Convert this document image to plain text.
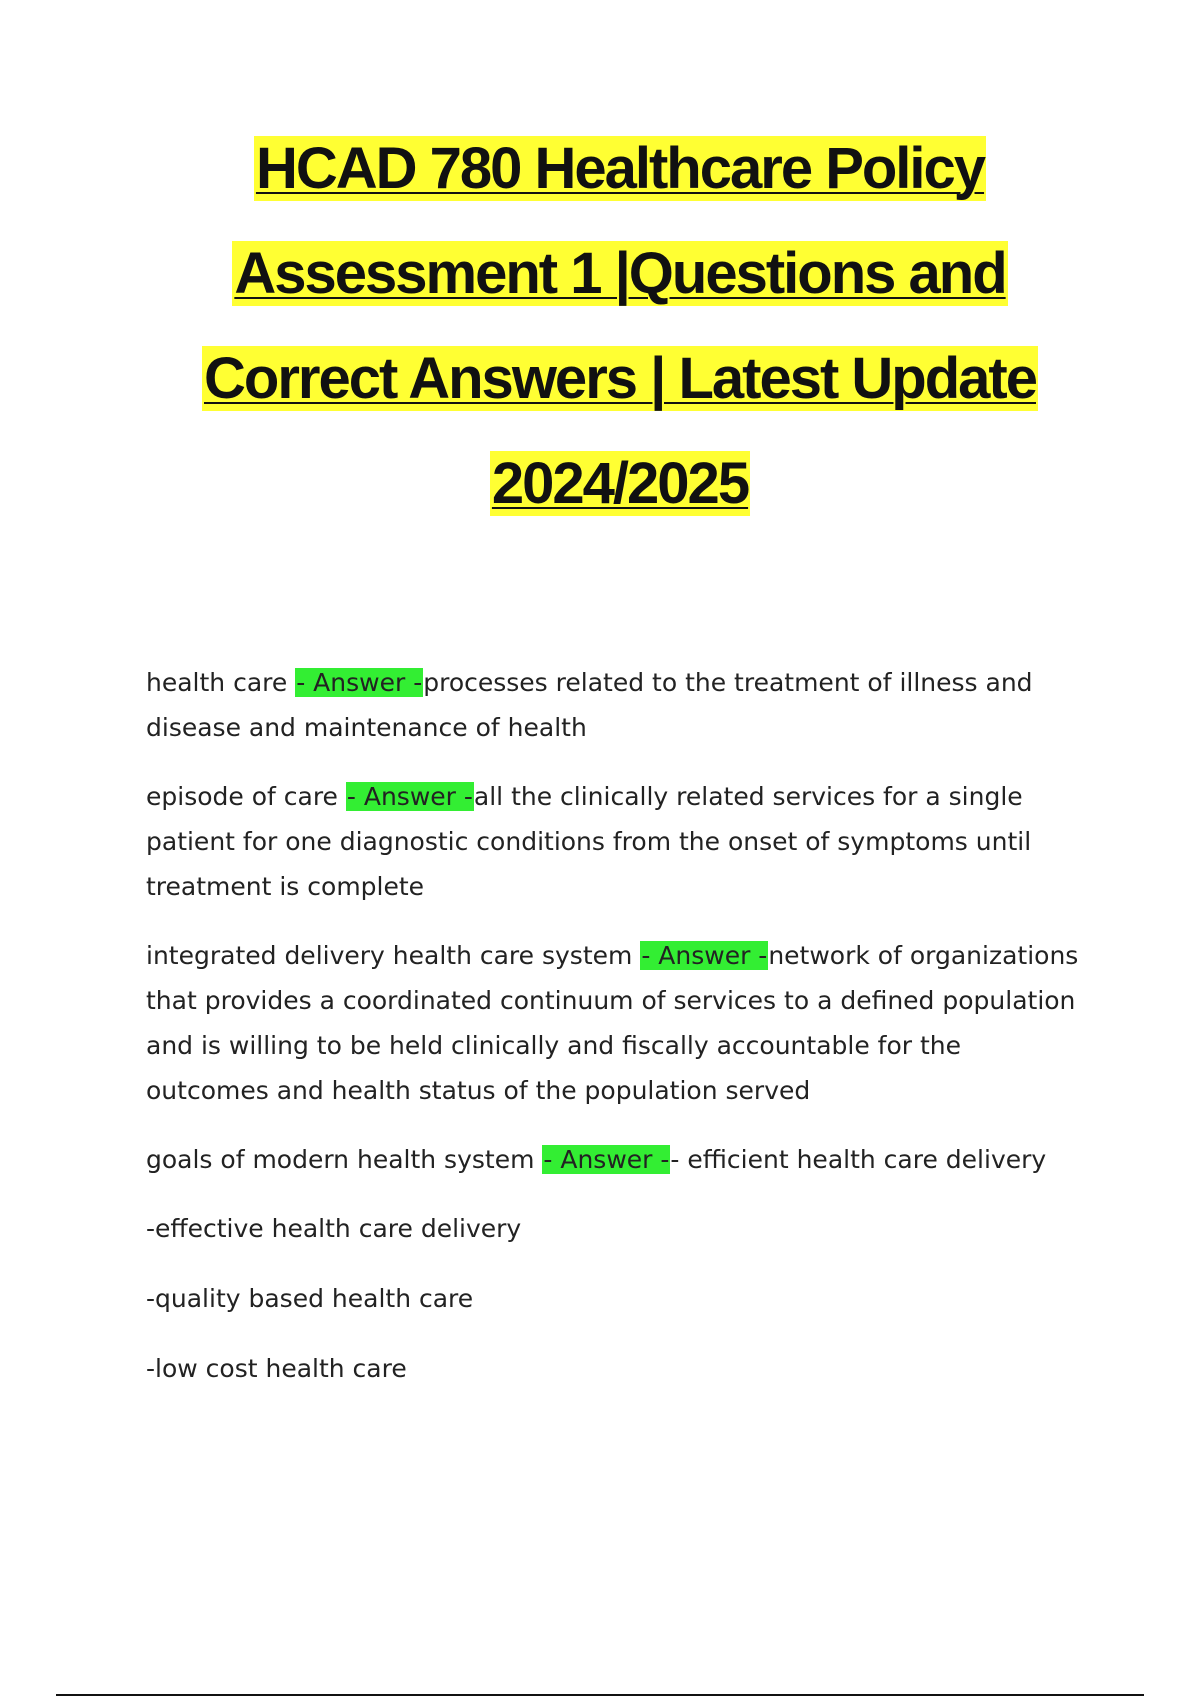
HCAD 780 Healthcare Policy
Assessment 1 |Questions and
Correct Answers | Latest Update
2024/2025

health care - Answer -processes related to the treatment of illness and disease and maintenance of health

episode of care - Answer -all the clinically related services for a single patient for one diagnostic conditions from the onset of symptoms until treatment is complete

integrated delivery health care system - Answer -network of organizations that provides a coordinated continuum of services to a defined population and is willing to be held clinically and fiscally accountable for the outcomes and health status of the population served

goals of modern health system - Answer -- efficient health care delivery

-effective health care delivery

-quality based health care

-low cost health care
